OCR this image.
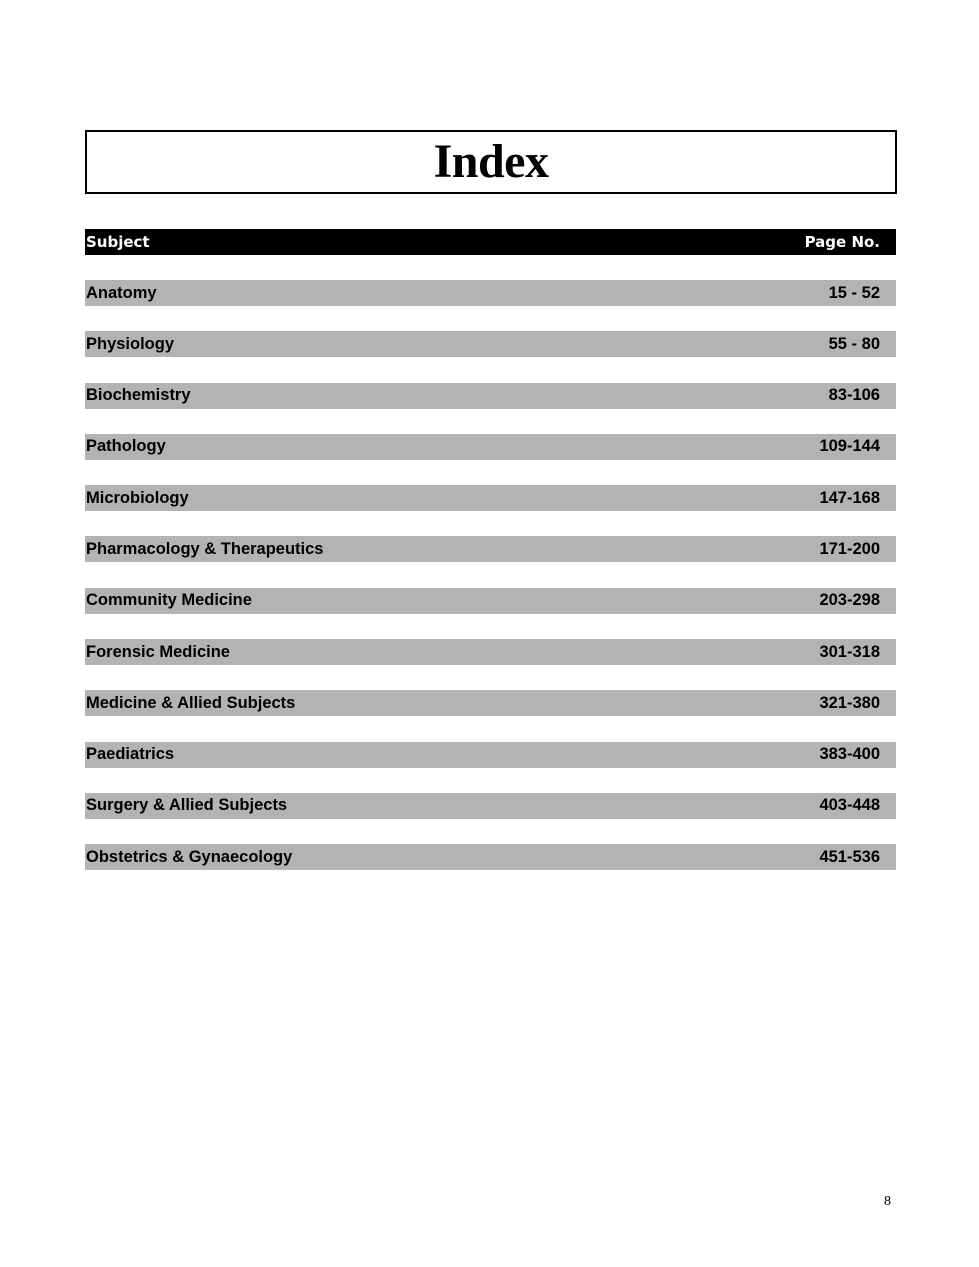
Index
Subject	Page No.
Anatomy	15 - 52
Physiology	55 - 80
Biochemistry	83-106
Pathology	109-144
Microbiology	147-168
Pharmacology & Therapeutics	171-200
Community Medicine	203-298
Forensic Medicine	301-318
Medicine & Allied Subjects	321-380
Paediatrics	383-400
Surgery & Allied Subjects	403-448
Obstetrics & Gynaecology	451-536
8
